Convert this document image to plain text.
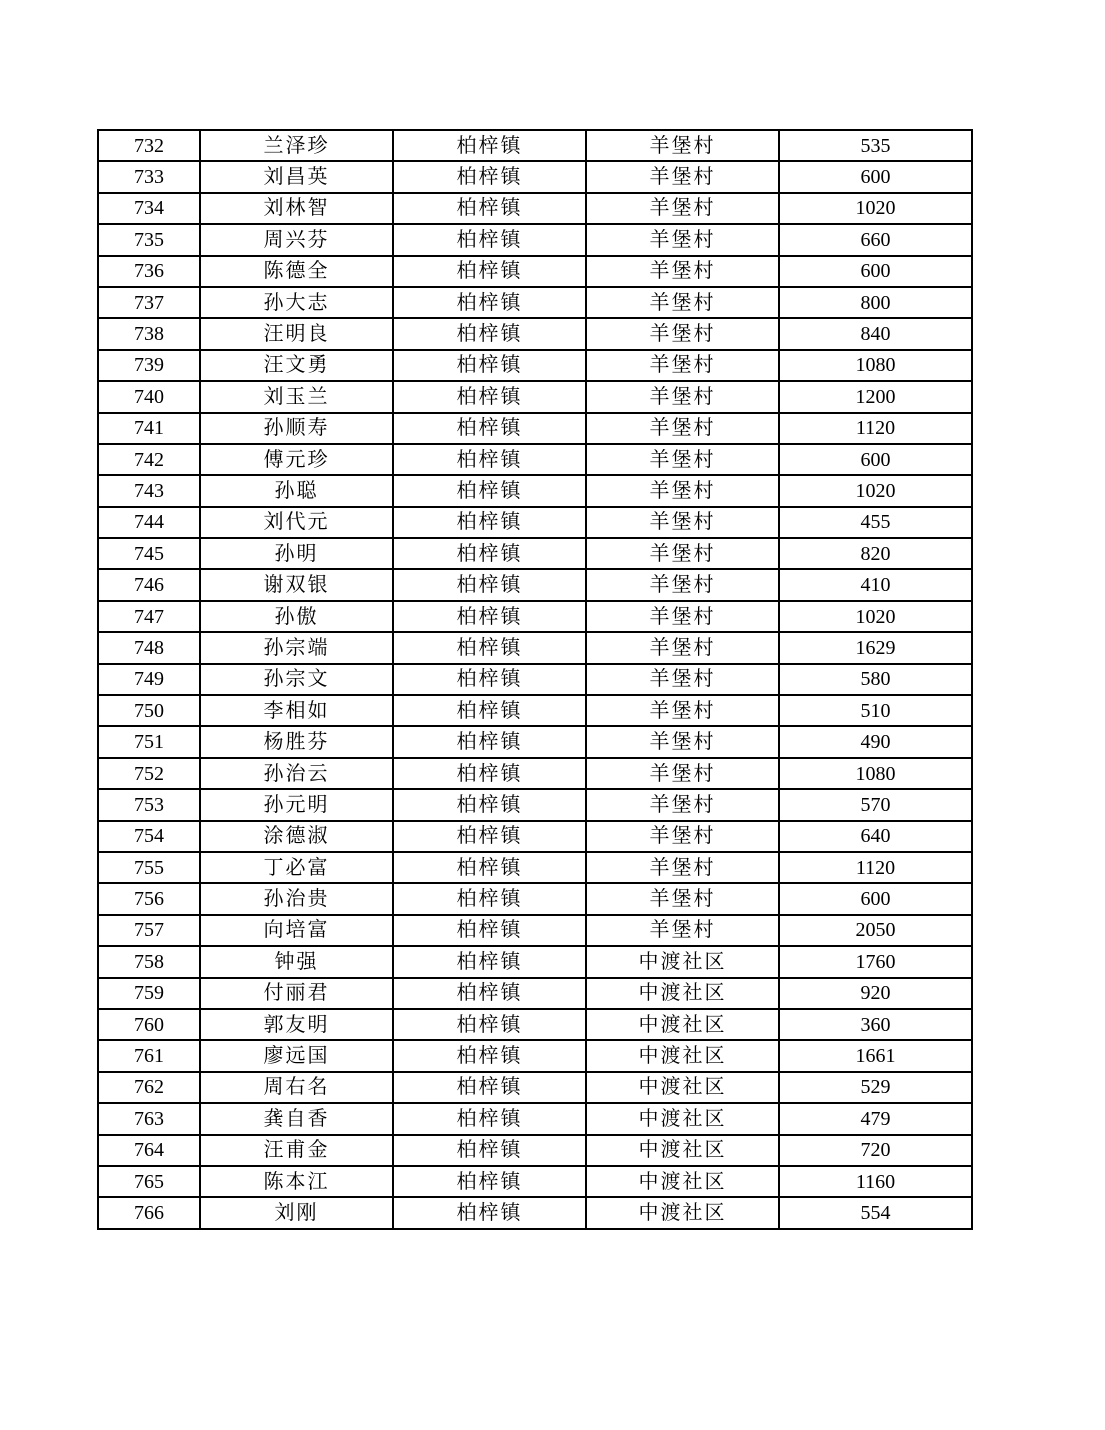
732	兰泽珍	柏梓镇	羊堡村	535
733	刘昌英	柏梓镇	羊堡村	600
734	刘林智	柏梓镇	羊堡村	1020
735	周兴芬	柏梓镇	羊堡村	660
736	陈德全	柏梓镇	羊堡村	600
737	孙大志	柏梓镇	羊堡村	800
738	汪明良	柏梓镇	羊堡村	840
739	汪文勇	柏梓镇	羊堡村	1080
740	刘玉兰	柏梓镇	羊堡村	1200
741	孙顺寿	柏梓镇	羊堡村	1120
742	傅元珍	柏梓镇	羊堡村	600
743	孙聪	柏梓镇	羊堡村	1020
744	刘代元	柏梓镇	羊堡村	455
745	孙明	柏梓镇	羊堡村	820
746	谢双银	柏梓镇	羊堡村	410
747	孙傲	柏梓镇	羊堡村	1020
748	孙宗端	柏梓镇	羊堡村	1629
749	孙宗文	柏梓镇	羊堡村	580
750	李相如	柏梓镇	羊堡村	510
751	杨胜芬	柏梓镇	羊堡村	490
752	孙治云	柏梓镇	羊堡村	1080
753	孙元明	柏梓镇	羊堡村	570
754	涂德淑	柏梓镇	羊堡村	640
755	丁必富	柏梓镇	羊堡村	1120
756	孙治贵	柏梓镇	羊堡村	600
757	向培富	柏梓镇	羊堡村	2050
758	钟强	柏梓镇	中渡社区	1760
759	付丽君	柏梓镇	中渡社区	920
760	郭友明	柏梓镇	中渡社区	360
761	廖远国	柏梓镇	中渡社区	1661
762	周右名	柏梓镇	中渡社区	529
763	龚自香	柏梓镇	中渡社区	479
764	汪甫金	柏梓镇	中渡社区	720
765	陈本江	柏梓镇	中渡社区	1160
766	刘刚	柏梓镇	中渡社区	554
